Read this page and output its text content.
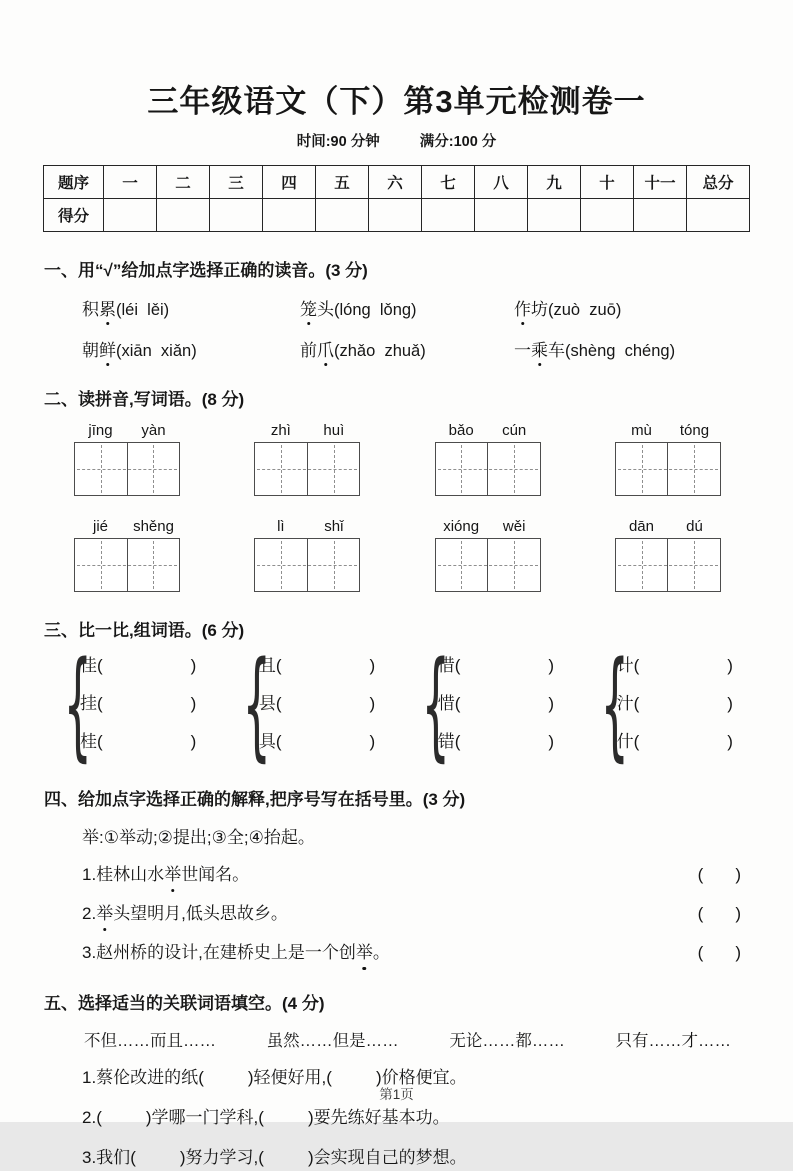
三年级语文（下）第3单元检测卷一
时间:90 分钟	满分:100 分
题序	一	二	三	四	五	六	七	八	九	十	十一	总分
得分												
一、用“√”给加点字选择正确的读音。(3 分)
积累(léi  lěi)	笼头(lóng  lǒng)	作坊(zuò  zuō)
朝鲜(xiān  xiǎn)	前爪(zhǎo  zhuǎ)	一乘车(shèng  chéng)
二、读拼音,写词语。(8 分)
jīng	yàn	zhì	huì	bǎo	cún	mù	tóng
jié	shěng	lì	shǐ	xióng	wěi	dān	dú
三、比一比,组词语。(6 分)
{
佳(	)
挂(	)
桂(	)
{
且(	)
县(	)
具(	)
{
借(	)
惜(	)
错(	)
{
计(	)
汁(	)
什(	)
四、给加点字选择正确的解释,把序号写在括号里。(3 分)
举:①举动;②提出;③全;④抬起。
1.桂林山水举世闻名。	( )
2.举头望明月,低头思故乡。	( )
3.赵州桥的设计,在建桥史上是一个创举。	( )
五、选择适当的关联词语填空。(4 分)
不但……而且……	虽然……但是……	无论……都……	只有……才……
1.蔡伦改进的纸(	)轻便好用,(	)价格便宜。
2.(	)学哪一门学科,(	)要先练好基本功。
3.我们(	)努力学习,(	)会实现自己的梦想。
第1页
